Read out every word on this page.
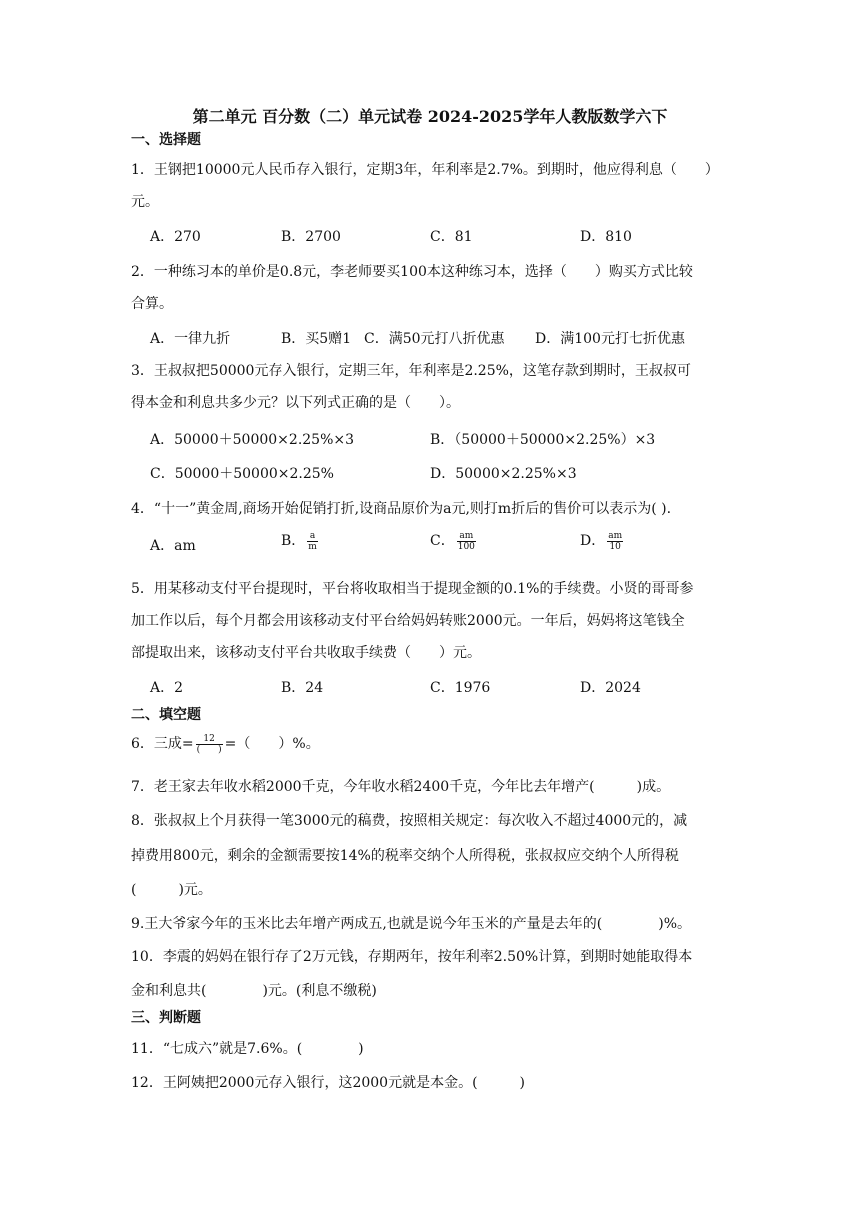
第二单元 百分数（二）单元试卷 2024-2025学年人教版数学六下
一、选择题
1．王钢把10000元人民币存入银行，定期3年，年利率是2.7%。到期时，他应得利息（　　）
元。
A．270	B．2700	C．81	D．810
2．一种练习本的单价是0.8元，李老师要买100本这种练习本，选择（　　）购买方式比较
合算。
A．一律九折	B．买5赠1 C．满50元打八折优惠 D．满100元打七折优惠
3．王叔叔把50000元存入银行，定期三年，年利率是2.25%，这笔存款到期时，王叔叔可
得本金和利息共多少元？以下列式正确的是（　　）。
A．50000＋50000×2.25%×3	B．（50000＋50000×2.25%）×3
C．50000＋50000×2.25%	D．50000×2.25%×3
4．“十一”黄金周,商场开始促销打折,设商品原价为a元,则打m折后的售价可以表示为( ).
A．am	B． $\frac{a}{m}$	C． $\frac{am}{100}$	D． $\frac{am}{10}$
5．用某移动支付平台提现时，平台将收取相当于提现金额的0.1%的手续费。小贤的哥哥参
加工作以后，每个月都会用该移动支付平台给妈妈转账2000元。一年后，妈妈将这笔钱全
部提取出来，该移动支付平台共收取手续费（　　）元。
A．2	B．24	C．1976	D．2024
二、填空题
6．三成= $\frac{12}{( )}$ =（　　）%。
7．老王家去年收水稻2000千克，今年收水稻2400千克，今年比去年增产(　　　)成。
8．张叔叔上个月获得一笔3000元的稿费，按照相关规定：每次收入不超过4000元的，减
掉费用800元，剩余的金额需要按14%的税率交纳个人所得税，张叔叔应交纳个人所得税
(　　　)元。
9.王大爷家今年的玉米比去年增产两成五,也就是说今年玉米的产量是去年的(　　　　)%。
10．李震的妈妈在银行存了2万元钱，存期两年，按年利率2.50%计算，到期时她能取得本
金和利息共(　　　　)元。(利息不缴税)
三、判断题
11．“七成六”就是7.6%。(　　　　)
12．王阿姨把2000元存入银行，这2000元就是本金。(　　　)
